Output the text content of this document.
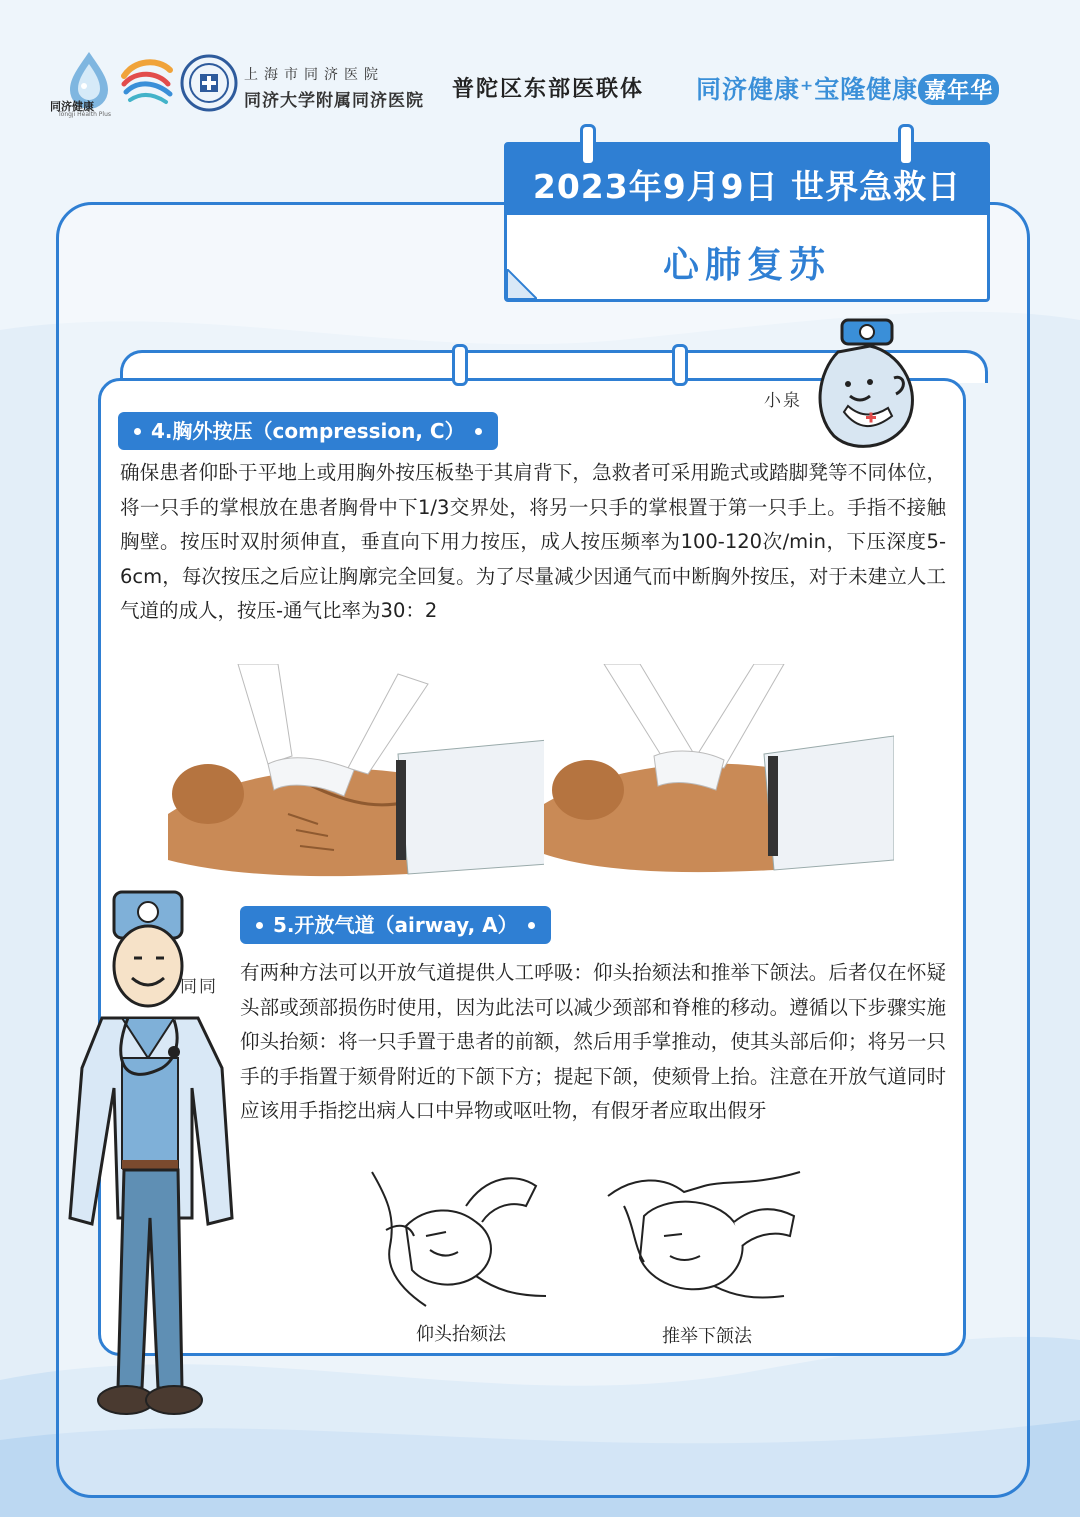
同济健康
Tongji Health Plus
上海市同济医院
同济大学附属同济医院 普陀区东部医联体 同济健康⁺宝隆健康 嘉年华
2023年9月9日 世界急救日
心肺复苏
小泉
4.胸外按压（compression, C）
确保患者仰卧于平地上或用胸外按压板垫于其肩背下，急救者可采用跪式或踏脚凳等不同体位，将一只手的掌根放在患者胸骨中下1/3交界处，将另一只手的掌根置于第一只手上。手指不接触胸壁。按压时双肘须伸直，垂直向下用力按压，成人按压频率为100-120次/min，下压深度5-6cm，每次按压之后应让胸廓完全回复。为了尽量减少因通气而中断胸外按压，对于未建立人工气道的成人，按压-通气比率为30：2
同同
5.开放气道（airway, A）
有两种方法可以开放气道提供人工呼吸：仰头抬颏法和推举下颌法。后者仅在怀疑头部或颈部损伤时使用，因为此法可以减少颈部和脊椎的移动。遵循以下步骤实施仰头抬颏：将一只手置于患者的前额，然后用手掌推动，使其头部后仰；将另一只手的手指置于颏骨附近的下颌下方；提起下颌，使颏骨上抬。注意在开放气道同时应该用手指挖出病人口中异物或呕吐物，有假牙者应取出假牙
仰头抬颏法	推举下颌法
